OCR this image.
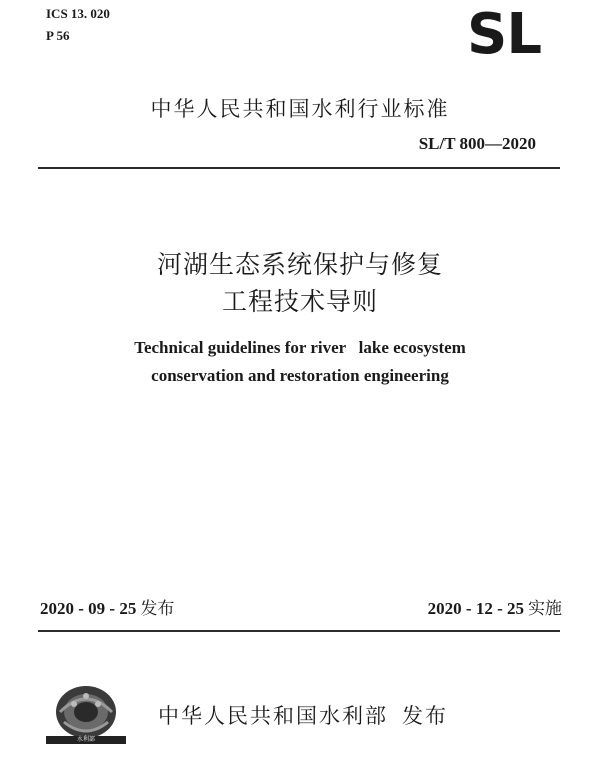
ICS 13. 020
P 56	SL
中华人民共和国水利行业标准
SL/T 800—2020
河湖生态系统保护与修复
工程技术导则
Technical guidelines for river   lake ecosystem
conservation and restoration engineering
2020 - 09 - 25 发布	2020 - 12 - 25 实施
水利部
中华人民共和国水利部 发布
